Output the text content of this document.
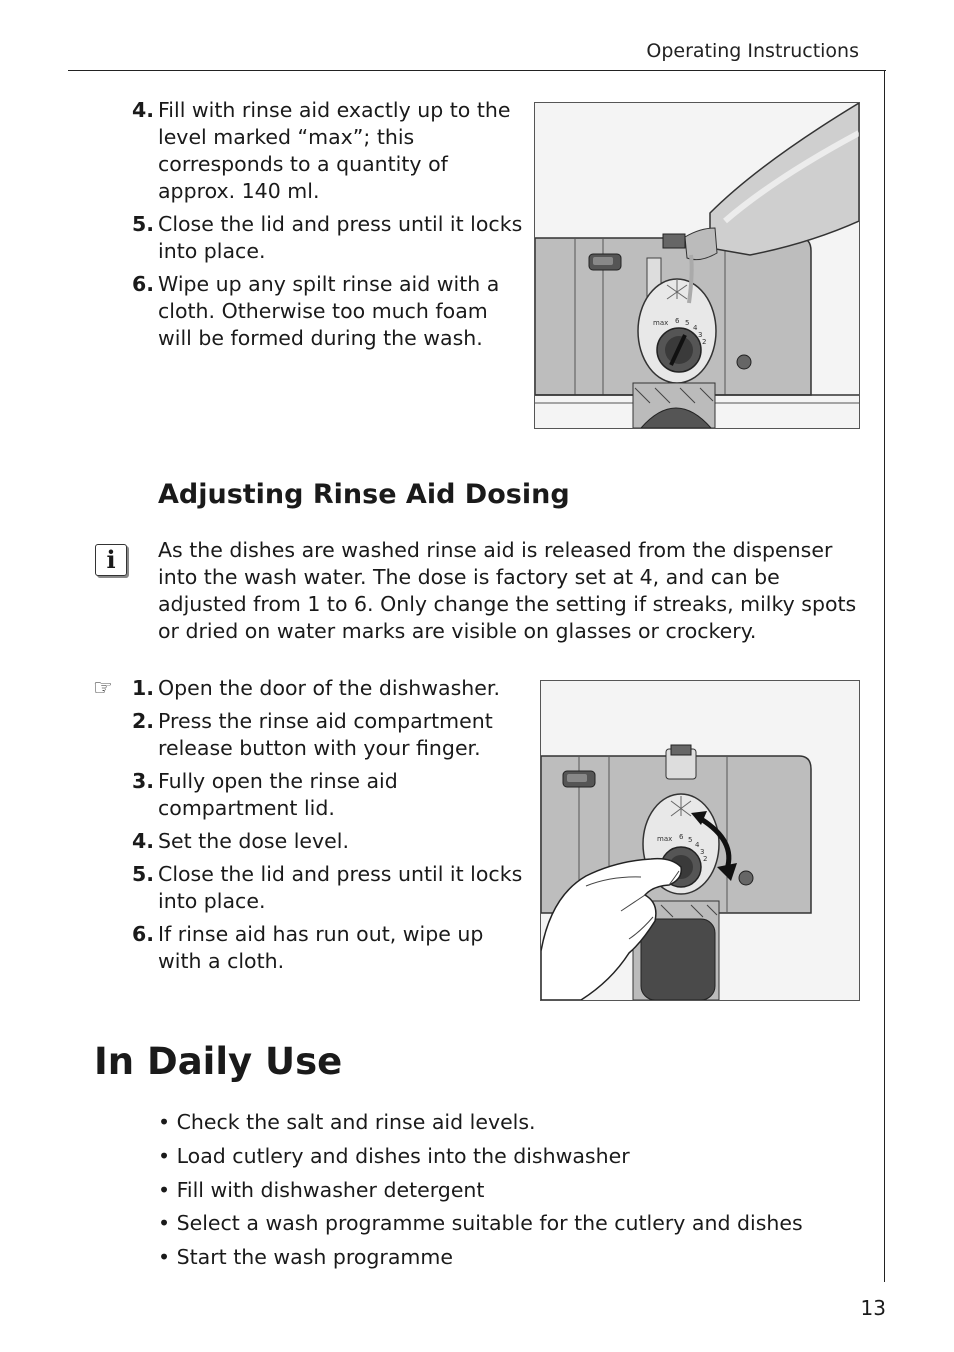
Operating Instructions
4. Fill with rinse aid exactly up to the level marked “max”; this corresponds to a quantity of approx. 140 ml.
5. Close the lid and press until it locks into place.
6. Wipe up any spilt rinse aid with a cloth. Otherwise too much foam will be formed during the wash.
max 6 5
4
3
2
Adjusting Rinse Aid Dosing
i	As the dishes are washed rinse aid is released from the dispenser into the wash water. The dose is factory set at 4, and can be adjusted from 1 to 6. Only change the setting if streaks, milky spots or dried on water marks are visible on glasses or crockery.

☞ 1. Open the door of the dishwasher.
2. Press the rinse aid compartment release button with your finger.
3. Fully open the rinse aid compartment lid.
4. Set the dose level.
5. Close the lid and press until it locks into place.
6. If rinse aid has run out, wipe up with a cloth.
max 6 5
4
3
2
In Daily Use
• Check the salt and rinse aid levels.
• Load cutlery and dishes into the dishwasher
• Fill with dishwasher detergent
• Select a wash programme suitable for the cutlery and dishes
• Start the wash programme
13
